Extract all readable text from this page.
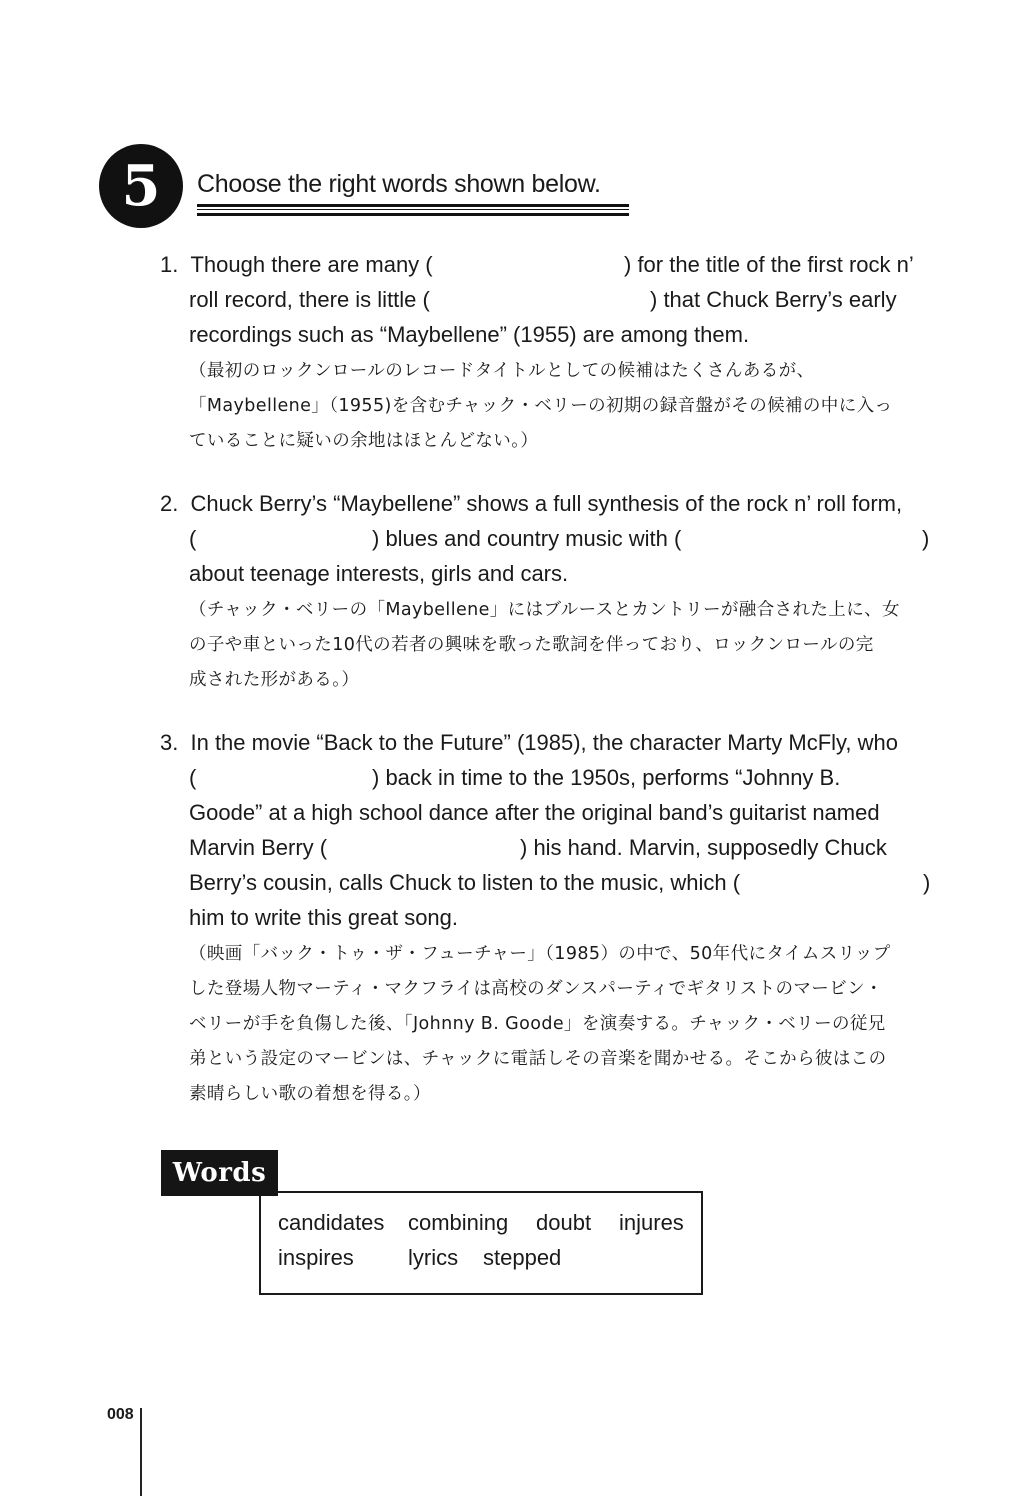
5	Choose the right words shown below.
1. Though there are many (	) for the title of the first rock n’
roll record, there is little (	) that Chuck Berry’s early
recordings such as “Maybellene” (1955) are among them.
（最初のロックンロールのレコードタイトルとしての候補はたくさんあるが、
「Maybellene」（1955)を含むチャック・ベリーの初期の録音盤がその候補の中に入っ
ていることに疑いの余地はほとんどない。）
2. Chuck Berry’s “Maybellene” shows a full synthesis of the rock n’ roll form,
(	) blues and country music with (	)
about teenage interests, girls and cars.
（チャック・ベリーの「Maybellene」にはブルースとカントリーが融合された上に、女
の子や車といった10代の若者の興味を歌った歌詞を伴っており、ロックンロールの完
成された形がある。）
3. In the movie “Back to the Future” (1985), the character Marty McFly, who
(	) back in time to the 1950s, performs “Johnny B.
Goode” at a high school dance after the original band’s guitarist named
Marvin Berry (	) his hand. Marvin, supposedly Chuck
Berry’s cousin, calls Chuck to listen to the music, which (	)
him to write this great song.
（映画「バック・トゥ・ザ・フューチャー」（1985）の中で、50年代にタイムスリップ
した登場人物マーティ・マクフライは高校のダンスパーティでギタリストのマービン・
ベリーが手を負傷した後、「Johnny B. Goode」を演奏する。チャック・ベリーの従兄
弟という設定のマービンは、チャックに電話しその音楽を聞かせる。そこから彼はこの
素晴らしい歌の着想を得る。）
candidates combining doubt injures
inspires lyrics stepped
Words
008
